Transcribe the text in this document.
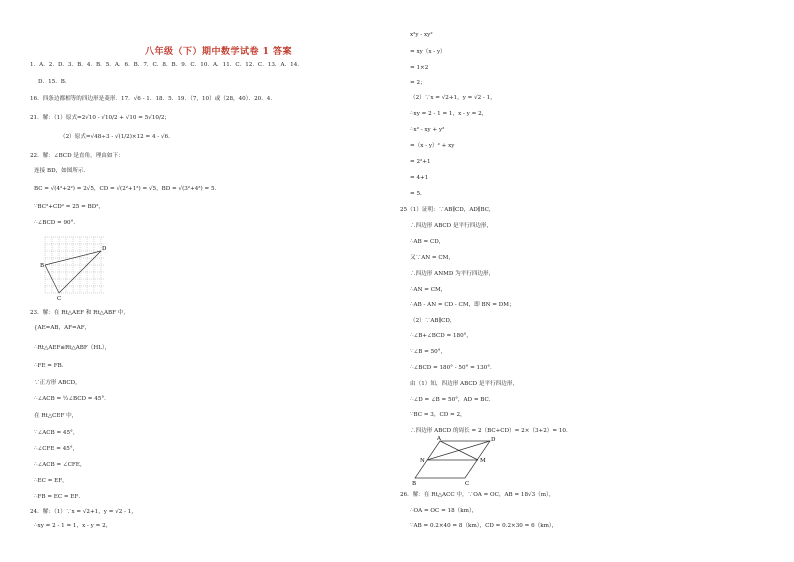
八年级（下）期中数学试卷 1 答案
1．A．2．D．3．B．4．B．5．A．6．B．7．C．8．B．9．C．10．A．11．C．12．C．13．A．14．
D．15．B．
16．四条边都相等的四边形是菱形．17．√6 - 1．18．5．19．（7，10）或（28，40）．20．4．
21．解：（1）原式=2√10 - √10/2 + √10 = 5√10/2；
（2）原式=√48÷3 - √(1/2)×12 = 4 - √6．
22．解：∠BCD 是直角，理由如下：
连接 BD，如图所示．
BC = √(4²+2²) = 2√5，CD = √(2²+1²) = √5，BD = √(3²+4²) = 5．
∵BC²+CD² = 25 = BD²，
∴∠BCD = 90°．
B
C
D
23．解：在 Rt△AEF 和 Rt△ABF 中，
{AE=AB，AF=AF，
∴Rt△AEF≌Rt△ABF（HL），
∴FE = FB．
∵正方形 ABCD，
∴∠ACB = ½∠BCD = 45°．
在 Rt△CEF 中，
∵∠ACB = 45°，
∴∠CFE = 45°，
∴∠ACB = ∠CFE，
∴EC = EF，
∴FB = EC = EF．
24．解：（1）∵x = √2+1，y = √2 - 1，
∴xy = 2 - 1 = 1，x - y = 2，
x²y - xy²
= xy（x - y）
= 1×2
= 2；
（2）∵x = √2+1，y = √2 - 1，
∴xy = 2 - 1 = 1，x - y = 2，
∴x² - xy + y²
=（x - y）² + xy
= 2²+1
= 4+1
= 5．
25（1）证明：∵AB∥CD，AD∥BC，
∴四边形 ABCD 是平行四边形，
∴AB = CD，
又∵AN = CM，
∴四边形 ANMD 为平行四边形，
∴AN = CM，
∴AB - AN = CD - CM，即 BN = DM；
（2）∵AB∥CD，
∴∠B+∠BCD = 180°，
∵∠B = 50°，
∴∠BCD = 180° - 50° = 130°．
由（1）知，四边形 ABCD 是平行四边形，
∴∠D = ∠B = 50°，AD = BC．
∵BC = 3，CD = 2，
∴四边形 ABCD 的周长 = 2（BC+CD）= 2×（3+2）= 10．
A	D
N	M
B	C
26．解：在 Rt△ACC 中，∵OA = OC，AB = 18√3（m），
∴OA = OC = 18（km），
∵AB = 0.2×40 = 8（km），CD = 0.2×30 = 6（km），
